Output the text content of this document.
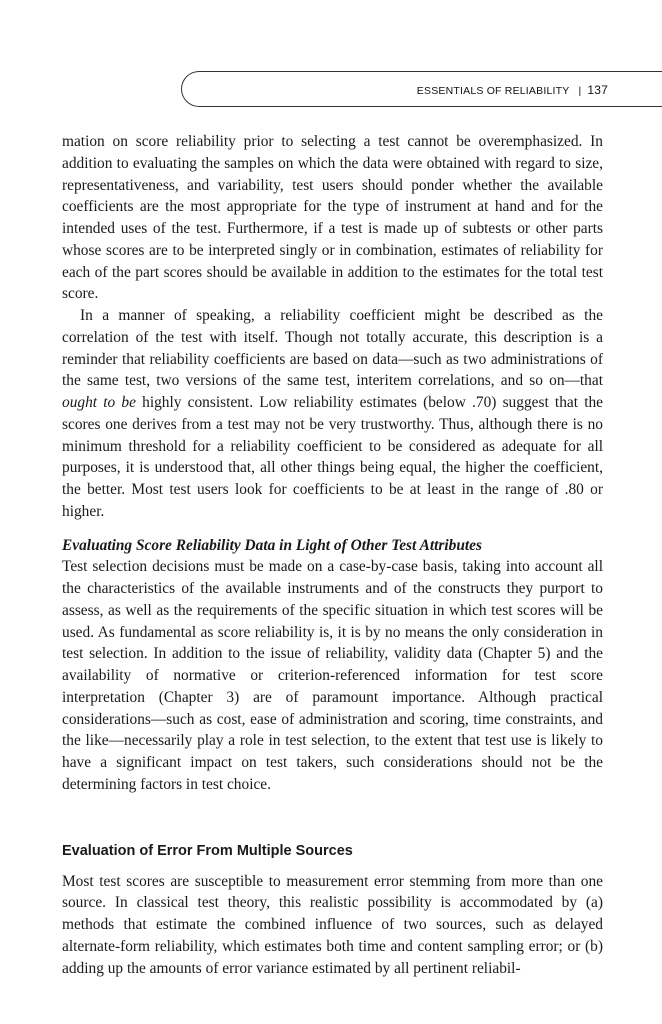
ESSENTIALS OF RELIABILITY | 137

mation on score reliability prior to selecting a test cannot be overemphasized. In addition to evaluating the samples on which the data were obtained with regard to size, representativeness, and variability, test users should ponder whether the available coefficients are the most appropriate for the type of instrument at hand and for the intended uses of the test. Furthermore, if a test is made up of subtests or other parts whose scores are to be interpreted singly or in combination, estimates of reliability for each of the part scores should be available in addition to the estimates for the total test score.

In a manner of speaking, a reliability coefficient might be described as the correlation of the test with itself. Though not totally accurate, this description is a reminder that reliability coefficients are based on data—such as two administrations of the same test, two versions of the same test, interitem correlations, and so on—that ought to be highly consistent. Low reliability estimates (below .70) suggest that the scores one derives from a test may not be very trustworthy. Thus, although there is no minimum threshold for a reliability coefficient to be considered as adequate for all purposes, it is understood that, all other things being equal, the higher the coefficient, the better. Most test users look for coefficients to be at least in the range of .80 or higher.

Evaluating Score Reliability Data in Light of Other Test Attributes

Test selection decisions must be made on a case-by-case basis, taking into account all the characteristics of the available instruments and of the constructs they purport to assess, as well as the requirements of the specific situation in which test scores will be used. As fundamental as score reliability is, it is by no means the only consideration in test selection. In addition to the issue of reliability, validity data (Chapter 5) and the availability of normative or criterion-referenced information for test score interpretation (Chapter 3) are of paramount importance. Although practical considerations—such as cost, ease of administration and scoring, time constraints, and the like—necessarily play a role in test selection, to the extent that test use is likely to have a significant impact on test takers, such considerations should not be the determining factors in test choice.

Evaluation of Error From Multiple Sources

Most test scores are susceptible to measurement error stemming from more than one source. In classical test theory, this realistic possibility is accommodated by (a) methods that estimate the combined influence of two sources, such as delayed alternate-form reliability, which estimates both time and content sampling error; or (b) adding up the amounts of error variance estimated by all pertinent reliabil-
